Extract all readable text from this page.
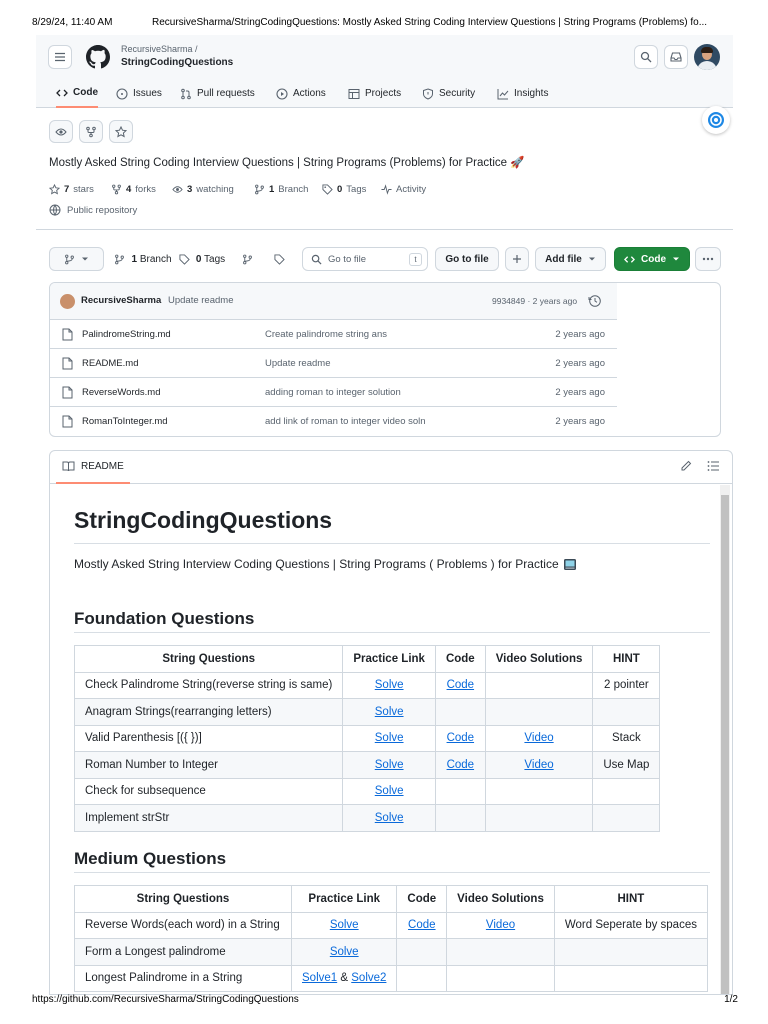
8/29/24, 11:40 AM	RecursiveSharma/StringCodingQuestions: Mostly Asked String Coding Interview Questions | String Programs (Problems) fo...
RecursiveSharma /
StringCodingQuestions
Code	Issues	Pull requests	Actions	Projects	Security	Insights
Mostly Asked String Coding Interview Questions | String Programs (Problems) for Practice 🚀
7 stars	4 forks	3 watching	1 Branch	0 Tags	Activity
Public repository
1 Branch 0 Tags	Go to file	t	Go to file	Add file	Code
RecursiveSharma Update readme	9934849 · 2 years ago
PalindromeString.md	Create palindrome string ans	2 years ago
README.md	Update readme	2 years ago
ReverseWords.md	adding roman to integer solution	2 years ago
RomanToInteger.md	add link of roman to integer video soln	2 years ago
README
StringCodingQuestions
Mostly Asked String Interview Coding Questions | String Programs ( Problems ) for Practice
Foundation Questions
String Questions	Practice Link	Code	Video Solutions	HINT
Check Palindrome String(reverse string is same)	Solve	Code		2 pointer
Anagram Strings(rearranging letters)	Solve			
Valid Parenthesis [({ })]	Solve	Code	Video	Stack
Roman Number to Integer	Solve	Code	Video	Use Map
Check for subsequence	Solve			
Implement strStr	Solve			
Medium Questions
String Questions	Practice Link	Code	Video Solutions	HINT
Reverse Words(each word) in a String	Solve	Code	Video	Word Seperate by spaces
Form a Longest palindrome	Solve			
Longest Palindrome in a String	Solve1 & Solve2			
https://github.com/RecursiveSharma/StringCodingQuestions	1/2
